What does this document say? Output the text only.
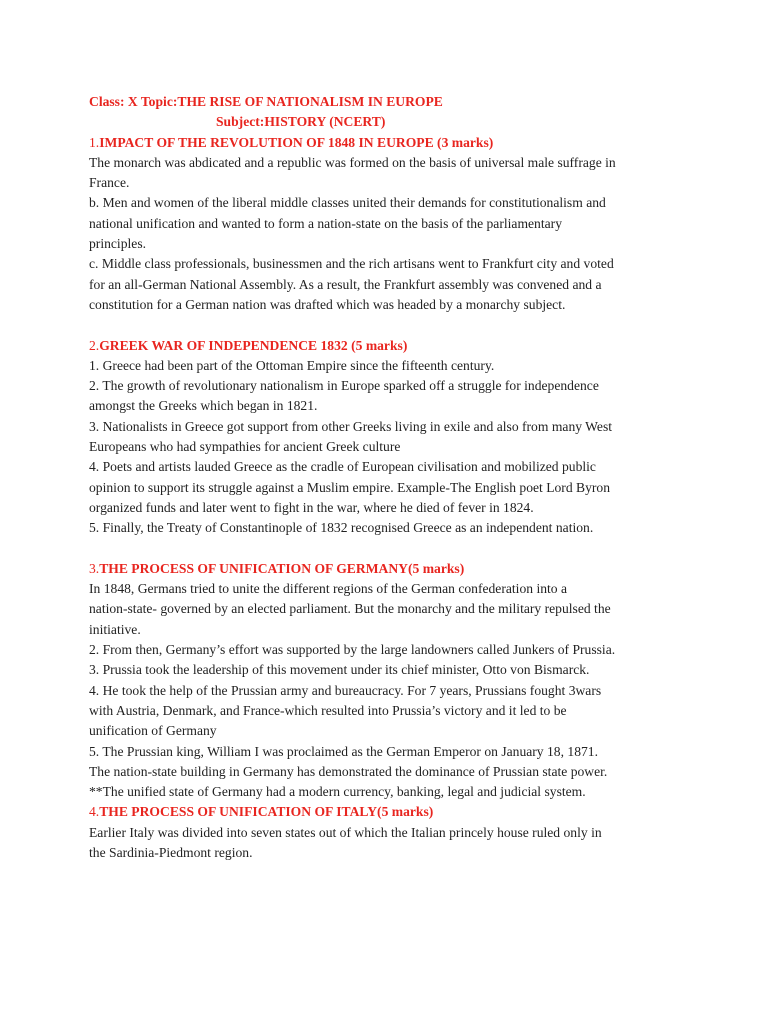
Class: X Topic:THE RISE OF NATIONALISM IN EUROPE
Subject:HISTORY (NCERT)
1.IMPACT OF THE REVOLUTION OF 1848 IN EUROPE (3 marks)
The monarch was abdicated and a republic was formed on the basis of universal male suffrage in
France.
b. Men and women of the liberal middle classes united their demands for constitutionalism and
national unification and wanted to form a nation-state on the basis of the parliamentary
principles.
c. Middle class professionals, businessmen and the rich artisans went to Frankfurt city and voted
for an all-German National Assembly. As a result, the Frankfurt assembly was convened and a
constitution for a German nation was drafted which was headed by a monarchy subject.
2.GREEK WAR OF INDEPENDENCE 1832 (5 marks)
1. Greece had been part of the Ottoman Empire since the fifteenth century.
2. The growth of revolutionary nationalism in Europe sparked off a struggle for independence
amongst the Greeks which began in 1821.
3. Nationalists in Greece got support from other Greeks living in exile and also from many West
Europeans who had sympathies for ancient Greek culture
4. Poets and artists lauded Greece as the cradle of European civilisation and mobilized public
opinion to support its struggle against a Muslim empire. Example-The English poet Lord Byron
organized funds and later went to fight in the war, where he died of fever in 1824.
5. Finally, the Treaty of Constantinople of 1832 recognised Greece as an independent nation.
3.THE PROCESS OF UNIFICATION OF GERMANY(5 marks)
In 1848, Germans tried to unite the different regions of the German confederation into a
nation-state- governed by an elected parliament. But the monarchy and the military repulsed the
initiative.
2. From then, Germany’s effort was supported by the large landowners called Junkers of Prussia.
3. Prussia took the leadership of this movement under its chief minister, Otto von Bismarck.
4. He took the help of the Prussian army and bureaucracy. For 7 years, Prussians fought 3wars
with Austria, Denmark, and France-which resulted into Prussia’s victory and it led to be
unification of Germany
5. The Prussian king, William I was proclaimed as the German Emperor on January 18, 1871.
The nation-state building in Germany has demonstrated the dominance of Prussian state power.
**The unified state of Germany had a modern currency, banking, legal and judicial system.
4.THE PROCESS OF UNIFICATION OF ITALY(5 marks)
Earlier Italy was divided into seven states out of which the Italian princely house ruled only in
the Sardinia-Piedmont region.
